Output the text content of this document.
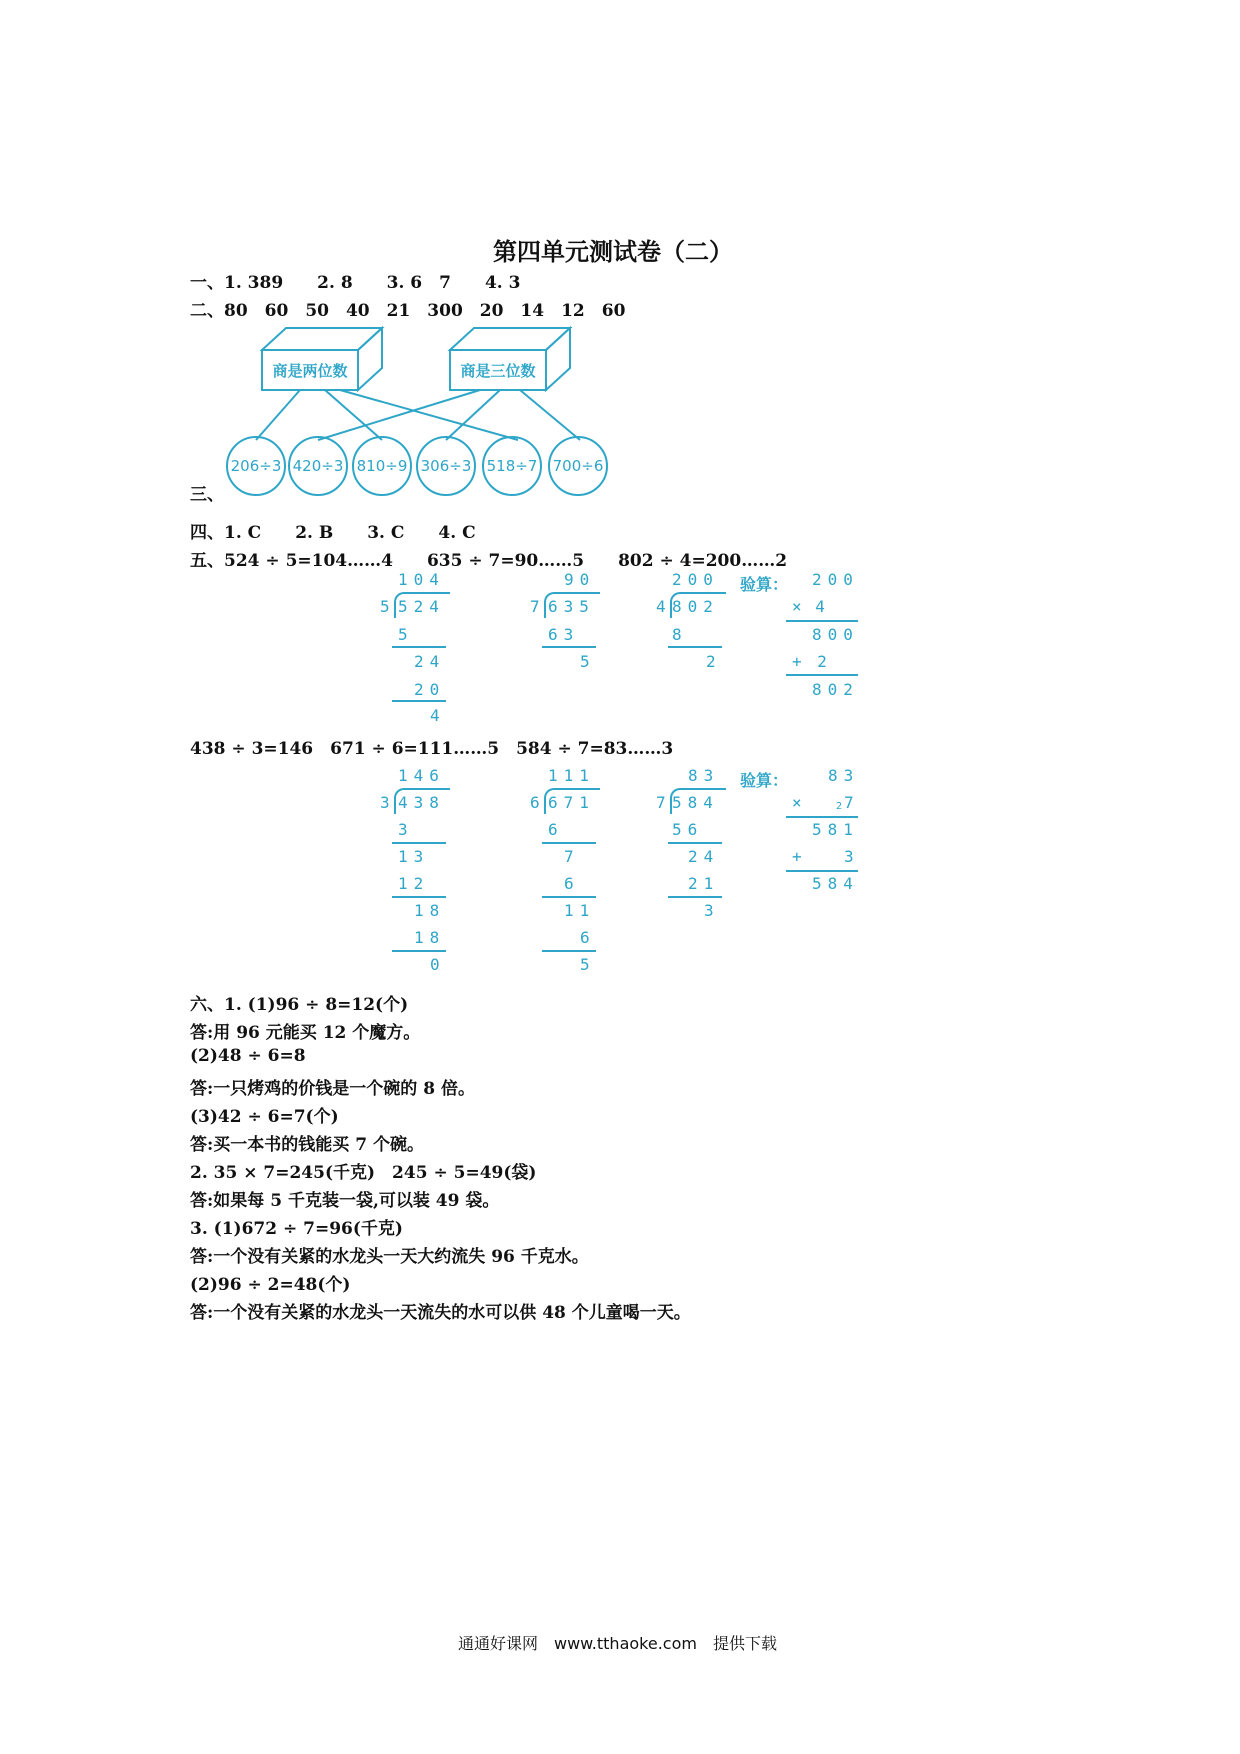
第四单元测试卷（二）
一、1. 389　　2. 8　　3. 6　7　　4. 3
二、80　60　50　40　21　300　20　14　12　60
商是两位数	商是三位数
206÷3 420÷3 810÷9 306÷3 518÷7 700÷6
三、
四、1. C　　2. B　　3. C　　4. C
五、524 ÷ 5=104……4　　635 ÷ 7=90……5　　802 ÷ 4=200……2
104
5 524
5
24
20
4
90
7 635
63
5
200
4 802
8
2
验算： 200
× 4
800
+ 2
802
438 ÷ 3=146　671 ÷ 6=111……5　584 ÷ 7=83……3
146
3 438
3
13
12
18
18
0
111
6 671
6
7
6
11
6
5
83
7 584
56
24
21
3
验算： 83
×	2 7
581
+ 3
584
六、1. (1)96 ÷ 8=12(个)
答:用 96 元能买 12 个魔方。
(2)48 ÷ 6=8
答:一只烤鸡的价钱是一个碗的 8 倍。
(3)42 ÷ 6=7(个)
答:买一本书的钱能买 7 个碗。
2. 35 × 7=245(千克)　245 ÷ 5=49(袋)
答:如果每 5 千克装一袋,可以装 49 袋。
3. (1)672 ÷ 7=96(千克)
答:一个没有关紧的水龙头一天大约流失 96 千克水。
(2)96 ÷ 2=48(个)
答:一个没有关紧的水龙头一天流失的水可以供 48 个儿童喝一天。
通通好课网　www.tthaoke.com　提供下载
